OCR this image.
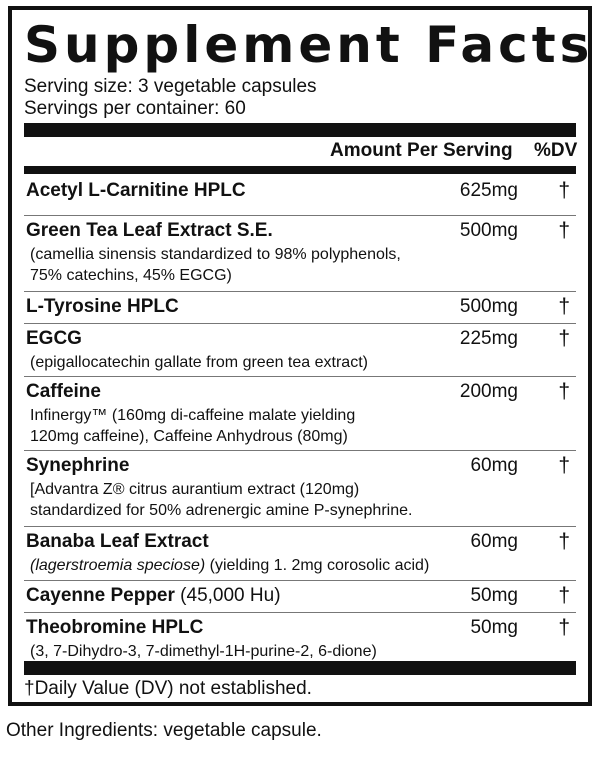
Supplement Facts
Serving size: 3 vegetable capsules
Servings per container: 60
Amount Per Serving %DV
Acetyl L-Carnitine HPLC	625mg †
Green Tea Leaf Extract S.E.	500mg †
(camellia sinensis standardized to 98% polyphenols,
75% catechins, 45% EGCG)
L-Tyrosine HPLC	500mg †
EGCG	225mg †
(epigallocatechin gallate from green tea extract)
Caffeine	200mg †
Infinergy™ (160mg di-caffeine malate yielding
120mg caffeine), Caffeine Anhydrous (80mg)
Synephrine	60mg †
[Advantra Z® citrus aurantium extract (120mg)
standardized for 50% adrenergic amine P-synephrine.
Banaba Leaf Extract	60mg †
(lagerstroemia speciose) (yielding 1. 2mg corosolic acid)
Cayenne Pepper (45,000 Hu)	50mg †
Theobromine HPLC	50mg †
(3, 7-Dihydro-3, 7-dimethyl-1H-purine-2, 6-dione)
†Daily Value (DV) not established.
Other Ingredients: vegetable capsule.
